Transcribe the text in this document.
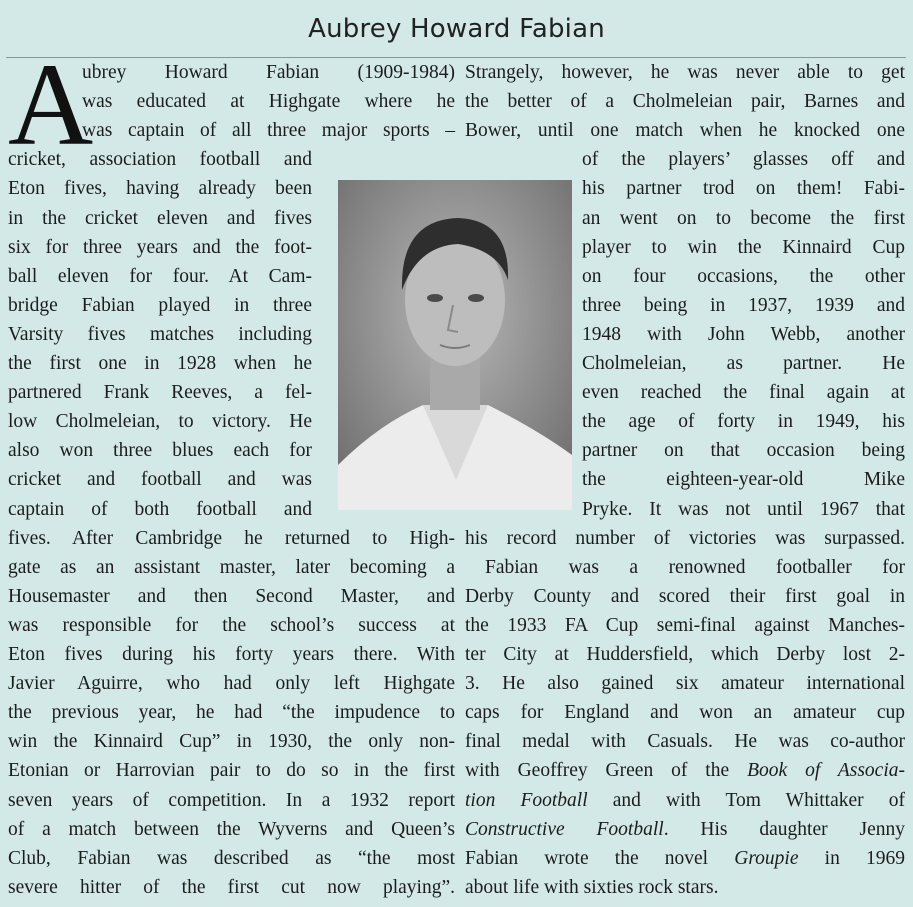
Aubrey Howard Fabian
A
ubrey Howard Fabian (1909-1984)
was educated at Highgate where he
was captain of all three major sports –
cricket, association football and
Eton fives, having already been
in the cricket eleven and fives
six for three years and the foot-
ball eleven for four. At Cam-
bridge Fabian played in three
Varsity fives matches including
the first one in 1928 when he
partnered Frank Reeves, a fel-
low Cholmeleian, to victory. He
also won three blues each for
cricket and football and was
captain of both football and
fives. After Cambridge he returned to High-
gate as an assistant master, later becoming a
Housemaster and then Second Master, and
was responsible for the school’s success at
Eton fives during his forty years there. With
Javier Aguirre, who had only left Highgate
the previous year, he had “the impudence to
win the Kinnaird Cup” in 1930, the only non-
Etonian or Harrovian pair to do so in the first
seven years of competition. In a 1932 report
of a match between the Wyverns and Queen’s
Club, Fabian was described as “the most
severe hitter of the first cut now playing”.
Strangely, however, he was never able to get
the better of a Cholmeleian pair, Barnes and
Bower, until one match when he knocked one
of the players’ glasses off and
his partner trod on them! Fabi-
an went on to become the first
player to win the Kinnaird Cup
on four occasions, the other
three being in 1937, 1939 and
1948 with John Webb, another
Cholmeleian, as partner. He
even reached the final again at
the age of forty in 1949, his
partner on that occasion being
the eighteen-year-old Mike
Pryke. It was not until 1967 that
his record number of victories was surpassed.
Fabian was a renowned footballer for
Derby County and scored their first goal in
the 1933 FA Cup semi-final against Manches-
ter City at Huddersfield, which Derby lost 2-
3. He also gained six amateur international
caps for England and won an amateur cup
final medal with Casuals. He was co-author
with Geoffrey Green of the Book of Associa-
tion Football and with Tom Whittaker of
Constructive Football. His daughter Jenny
Fabian wrote the novel Groupie in 1969
about life with sixties rock stars.
